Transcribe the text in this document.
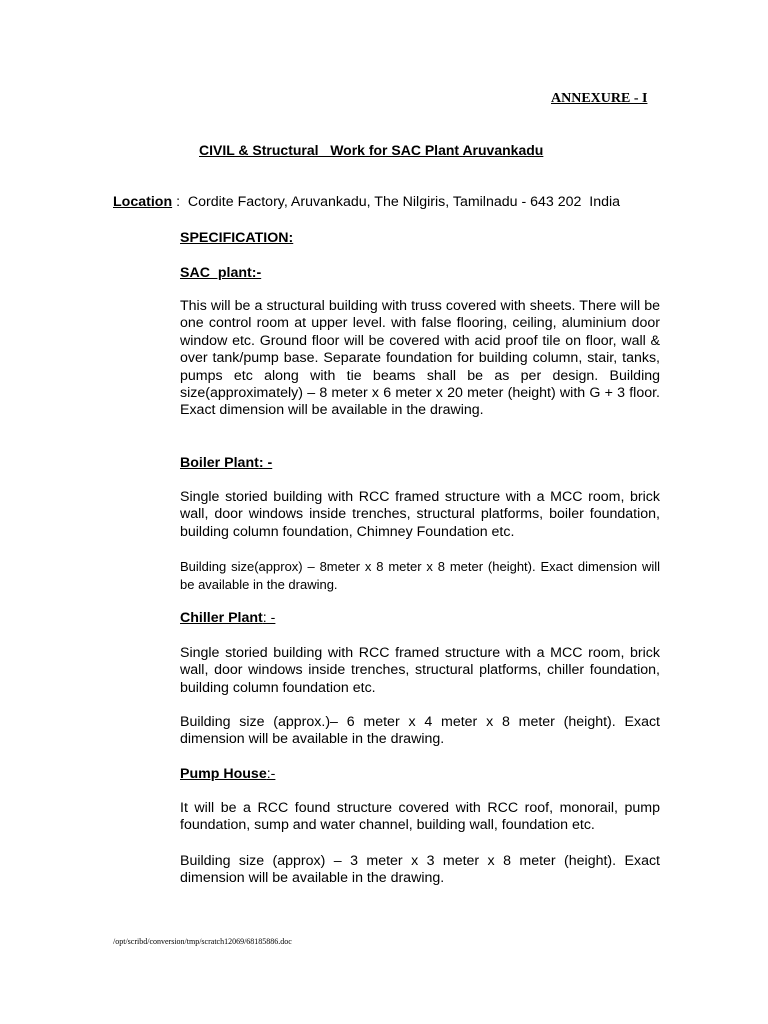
ANNEXURE - I
CIVIL & Structural   Work for SAC Plant Aruvankadu
Location :  Cordite Factory, Aruvankadu, The Nilgiris, Tamilnadu - 643 202  India
SPECIFICATION:
SAC  plant:-
This will be a structural building with truss covered with sheets. There will be one control room at upper level. with false flooring, ceiling, aluminium door window etc. Ground floor will be covered with acid proof tile on floor, wall & over tank/pump base. Separate foundation for building column, stair, tanks, pumps etc along with tie beams shall be as per design. Building size(approximately) – 8 meter x 6 meter x 20 meter (height) with G + 3 floor. Exact dimension will be available in the drawing.
Boiler Plant: -
Single storied building with RCC framed structure with a MCC room, brick wall, door windows inside trenches, structural platforms, boiler foundation, building column foundation, Chimney Foundation etc.
Building size(approx) – 8meter x 8 meter x 8 meter (height). Exact dimension will be available in the drawing.
Chiller Plant: -
Single storied building with RCC framed structure with a MCC room, brick wall, door windows inside trenches, structural platforms, chiller foundation, building column foundation etc.
Building size (approx.)– 6 meter x 4 meter x 8 meter (height). Exact dimension will be available in the drawing.
Pump House:-
It will be a RCC found structure covered with RCC roof, monorail, pump foundation, sump and water channel, building wall, foundation etc.
Building size (approx) – 3 meter x 3 meter x 8 meter (height). Exact dimension will be available in the drawing.
/opt/scribd/conversion/tmp/scratch12069/68185886.doc
